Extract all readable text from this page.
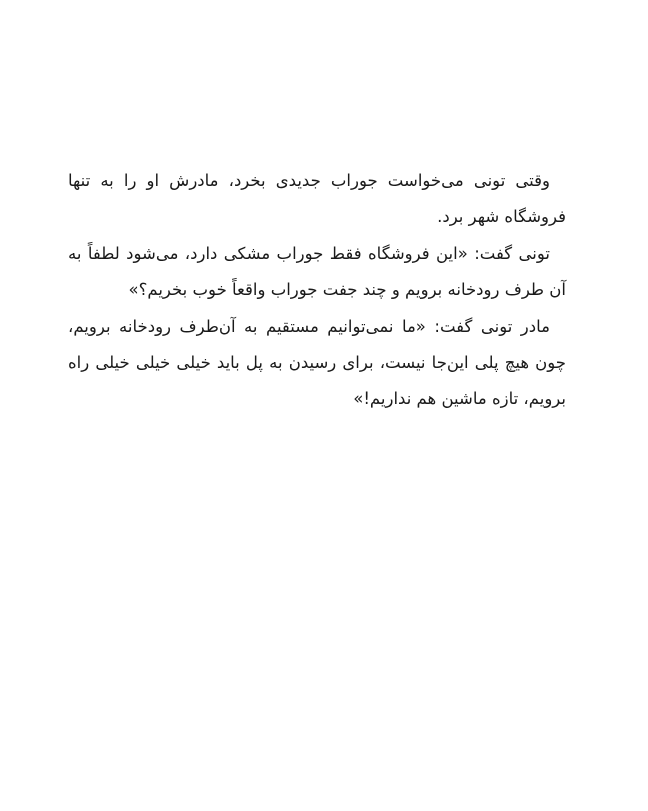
وقتی تونی می‌خواست جوراب جدیدی بخرد، مادرش او را به تنها فروشگاه شهر برد.

تونی گفت: «این فروشگاه فقط جوراب مشکی دارد، می‌شود لطفاً به آن طرف رودخانه برویم و چند جفت جوراب واقعاً خوب بخریم؟»

مادر تونی گفت: «ما نمی‌توانیم مستقیم به آن‌طرف رودخانه برویم، چون هیچ پلی این‌جا نیست، برای رسیدن به پل باید خیلی خیلی خیلی راه برویم، تازه ماشین هم نداریم!»
